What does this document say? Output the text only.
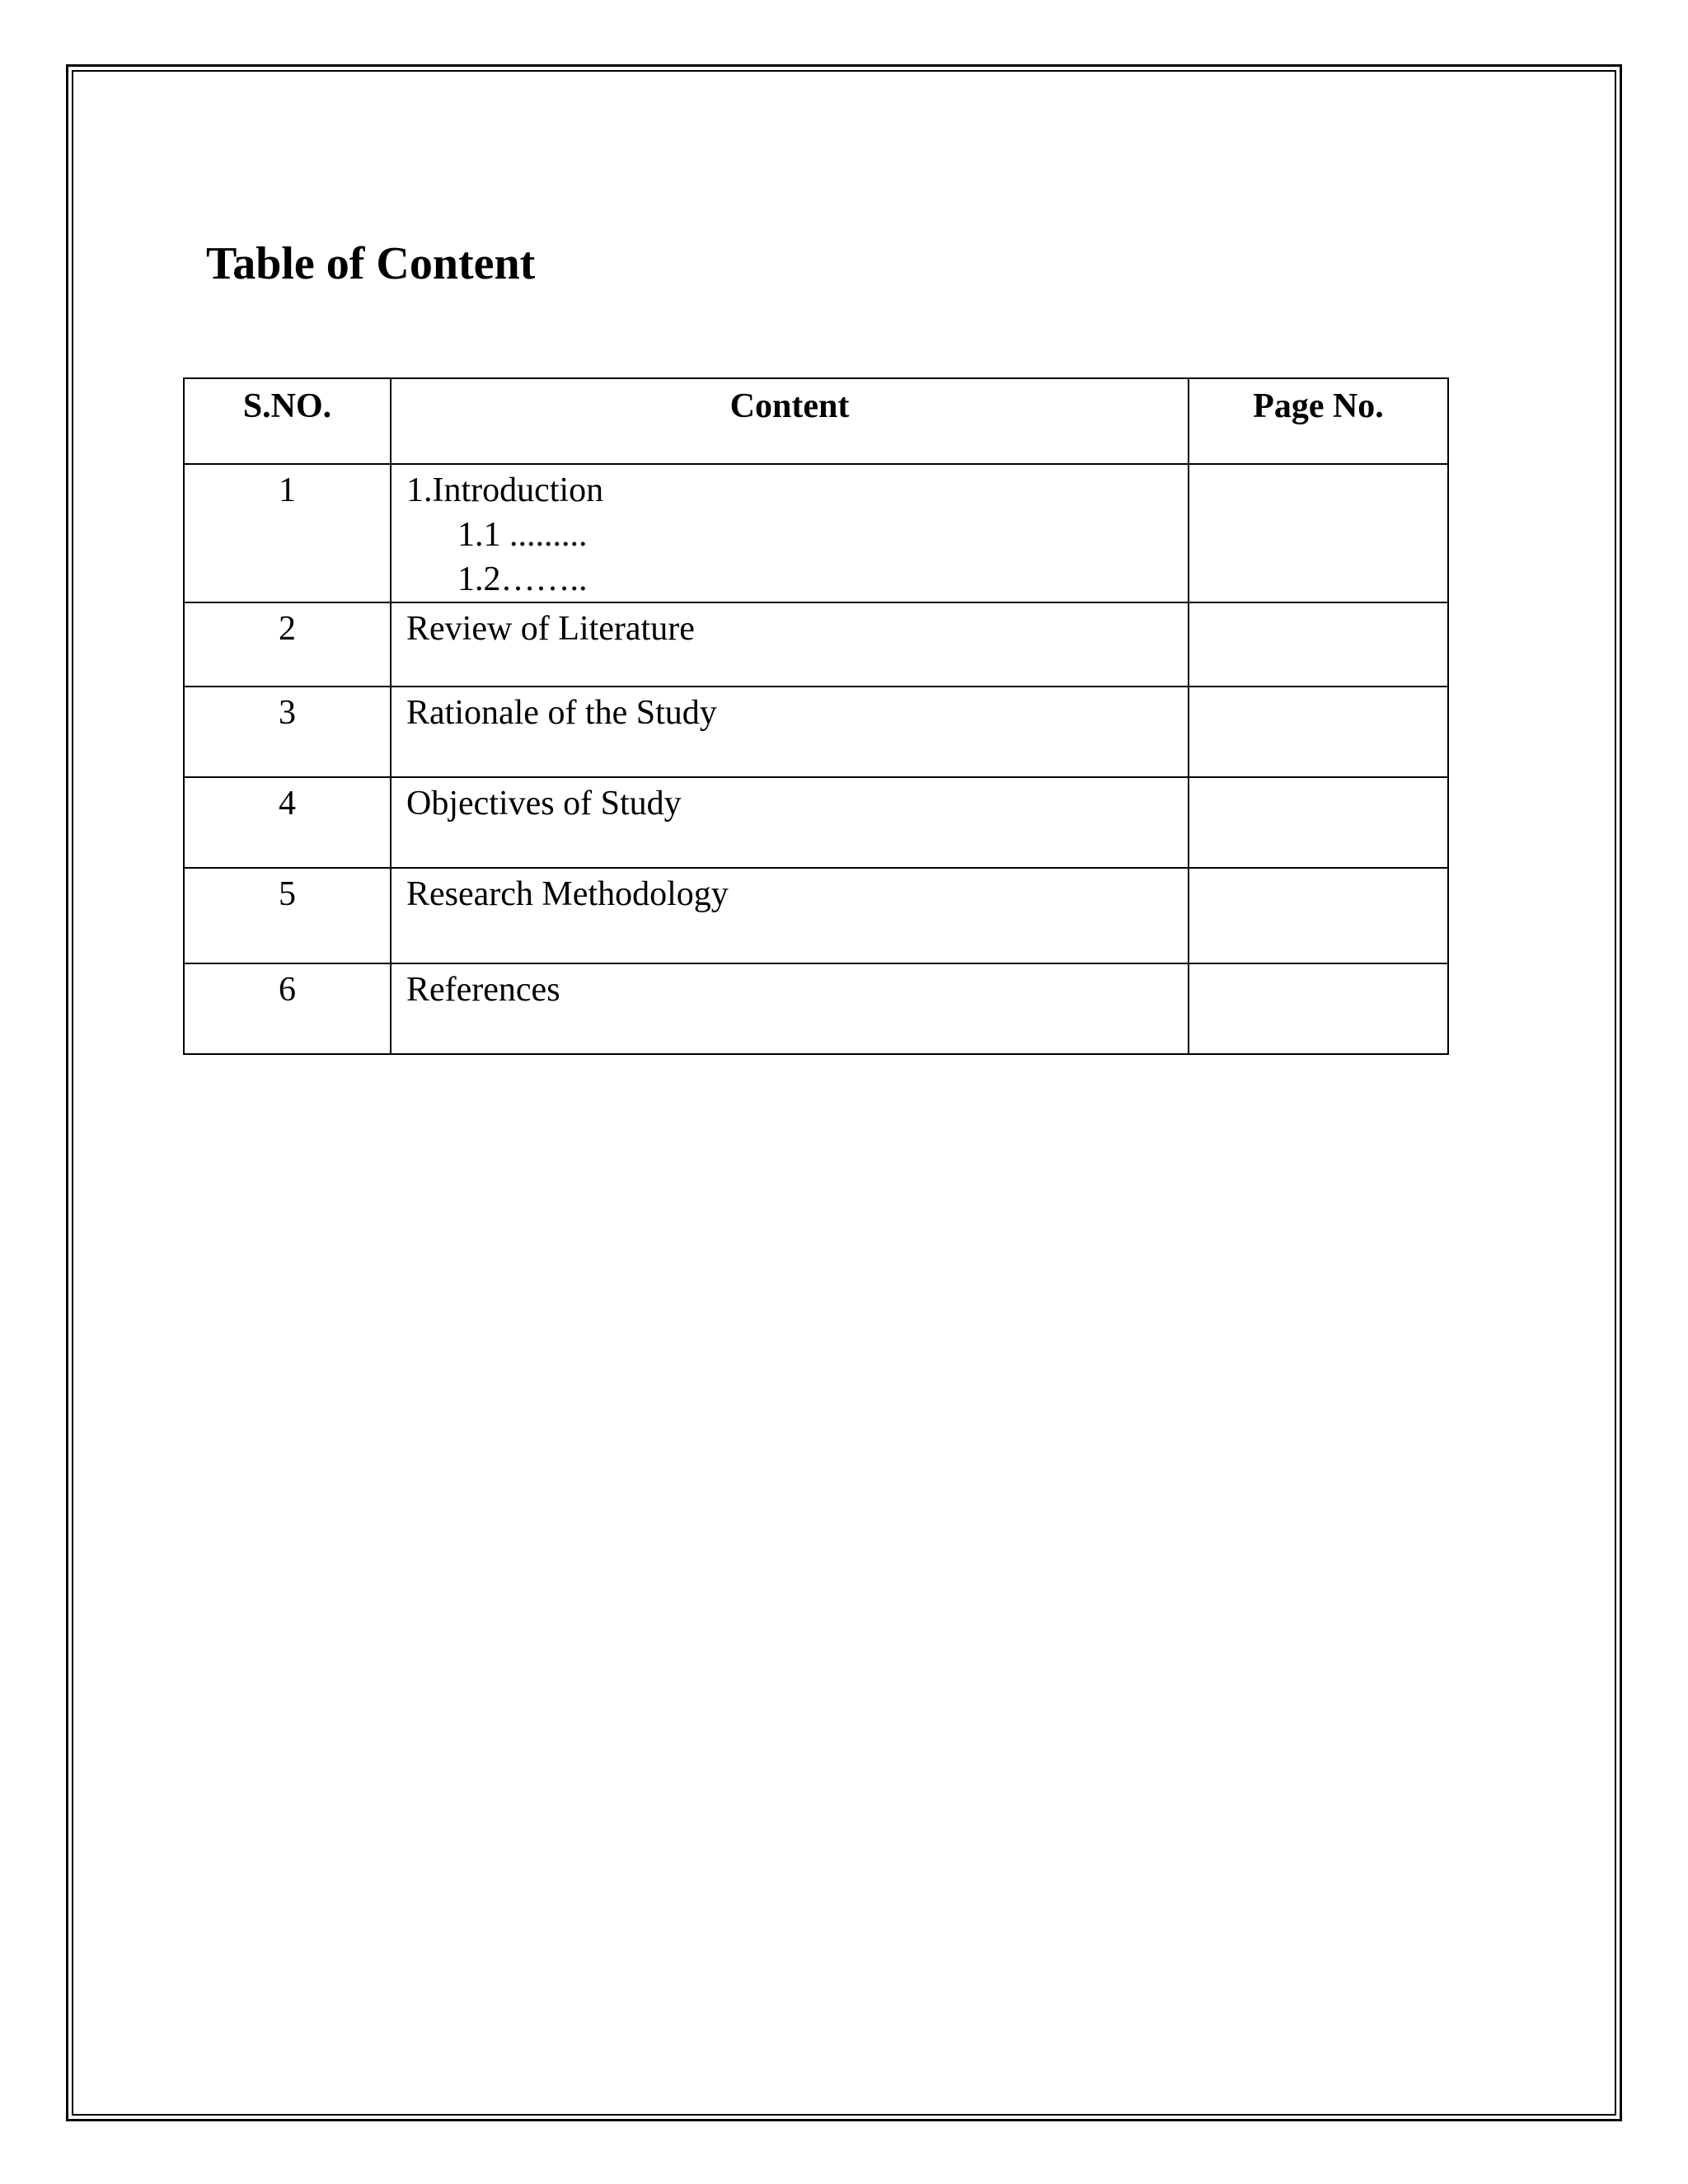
Table of Content
S.NO.	Content	Page No.
1	1.Introduction
1.1 .........
1.2……..	

2	Review of Literature	
3	Rationale of the Study	
4	Objectives of Study	
5	Research Methodology	
6	References	
